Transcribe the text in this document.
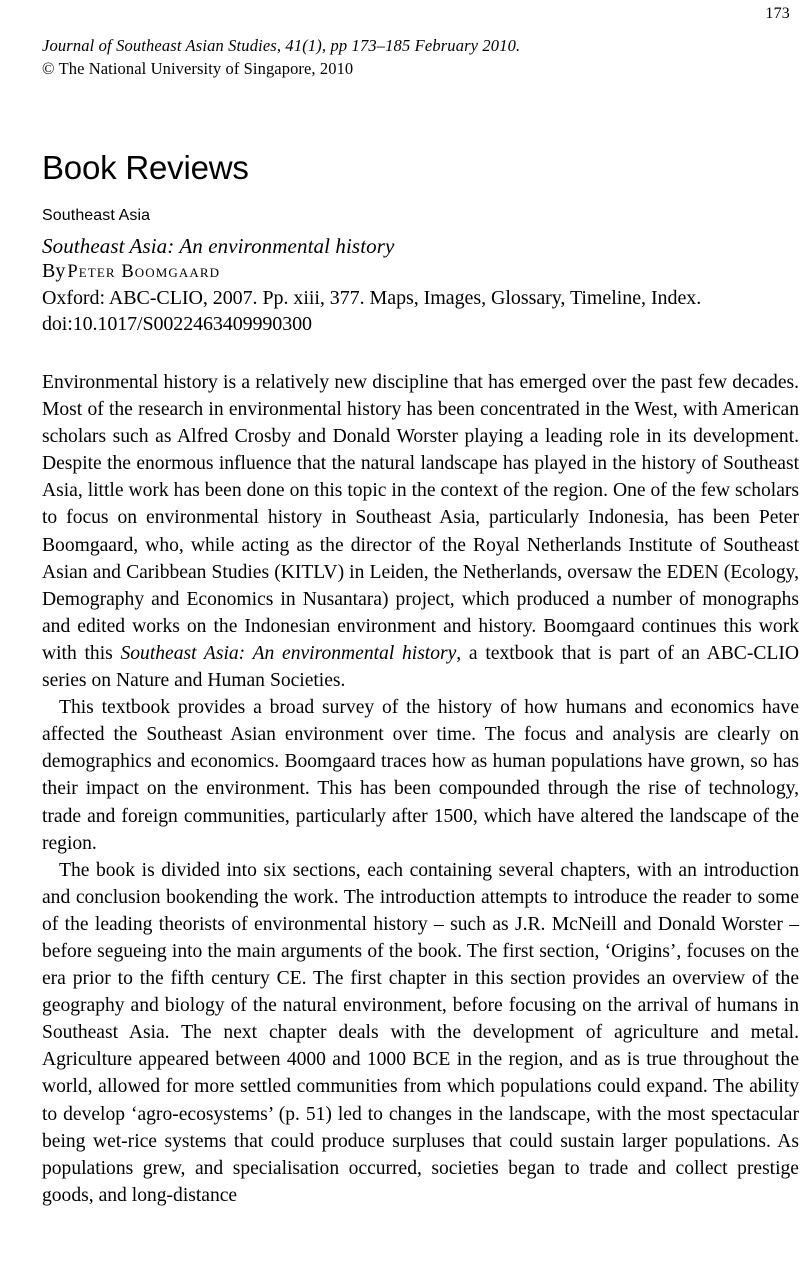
173
Journal of Southeast Asian Studies, 41(1), pp 173–185 February 2010.
© The National University of Singapore, 2010
Book Reviews
Southeast Asia
Southeast Asia: An environmental history
By Peter Boomgaard
Oxford: ABC-CLIO, 2007. Pp. xiii, 377. Maps, Images, Glossary, Timeline, Index.
doi:10.1017/S0022463409990300

Environmental history is a relatively new discipline that has emerged over the past few decades. Most of the research in environmental history has been concentrated in the West, with American scholars such as Alfred Crosby and Donald Worster playing a leading role in its development. Despite the enormous influence that the natural landscape has played in the history of Southeast Asia, little work has been done on this topic in the context of the region. One of the few scholars to focus on environmental history in Southeast Asia, particularly Indonesia, has been Peter Boomgaard, who, while acting as the director of the Royal Netherlands Institute of Southeast Asian and Caribbean Studies (KITLV) in Leiden, the Netherlands, oversaw the EDEN (Ecology, Demography and Economics in Nusantara) project, which produced a number of monographs and edited works on the Indonesian environment and history. Boomgaard continues this work with this Southeast Asia: An environmental history, a textbook that is part of an ABC-CLIO series on Nature and Human Societies.

This textbook provides a broad survey of the history of how humans and economics have affected the Southeast Asian environment over time. The focus and analysis are clearly on demographics and economics. Boomgaard traces how as human populations have grown, so has their impact on the environment. This has been compounded through the rise of technology, trade and foreign communities, particularly after 1500, which have altered the landscape of the region.

The book is divided into six sections, each containing several chapters, with an introduction and conclusion bookending the work. The introduction attempts to introduce the reader to some of the leading theorists of environmental history – such as J.R. McNeill and Donald Worster – before segueing into the main arguments of the book. The first section, ‘Origins’, focuses on the era prior to the fifth century CE. The first chapter in this section provides an overview of the geography and biology of the natural environment, before focusing on the arrival of humans in Southeast Asia. The next chapter deals with the development of agriculture and metal. Agriculture appeared between 4000 and 1000 BCE in the region, and as is true throughout the world, allowed for more settled communities from which populations could expand. The ability to develop ‘agro-ecosystems’ (p. 51) led to changes in the landscape, with the most spectacular being wet-rice systems that could produce surpluses that could sustain larger populations. As populations grew, and specialisation occurred, societies began to trade and collect prestige goods, and long-distance
